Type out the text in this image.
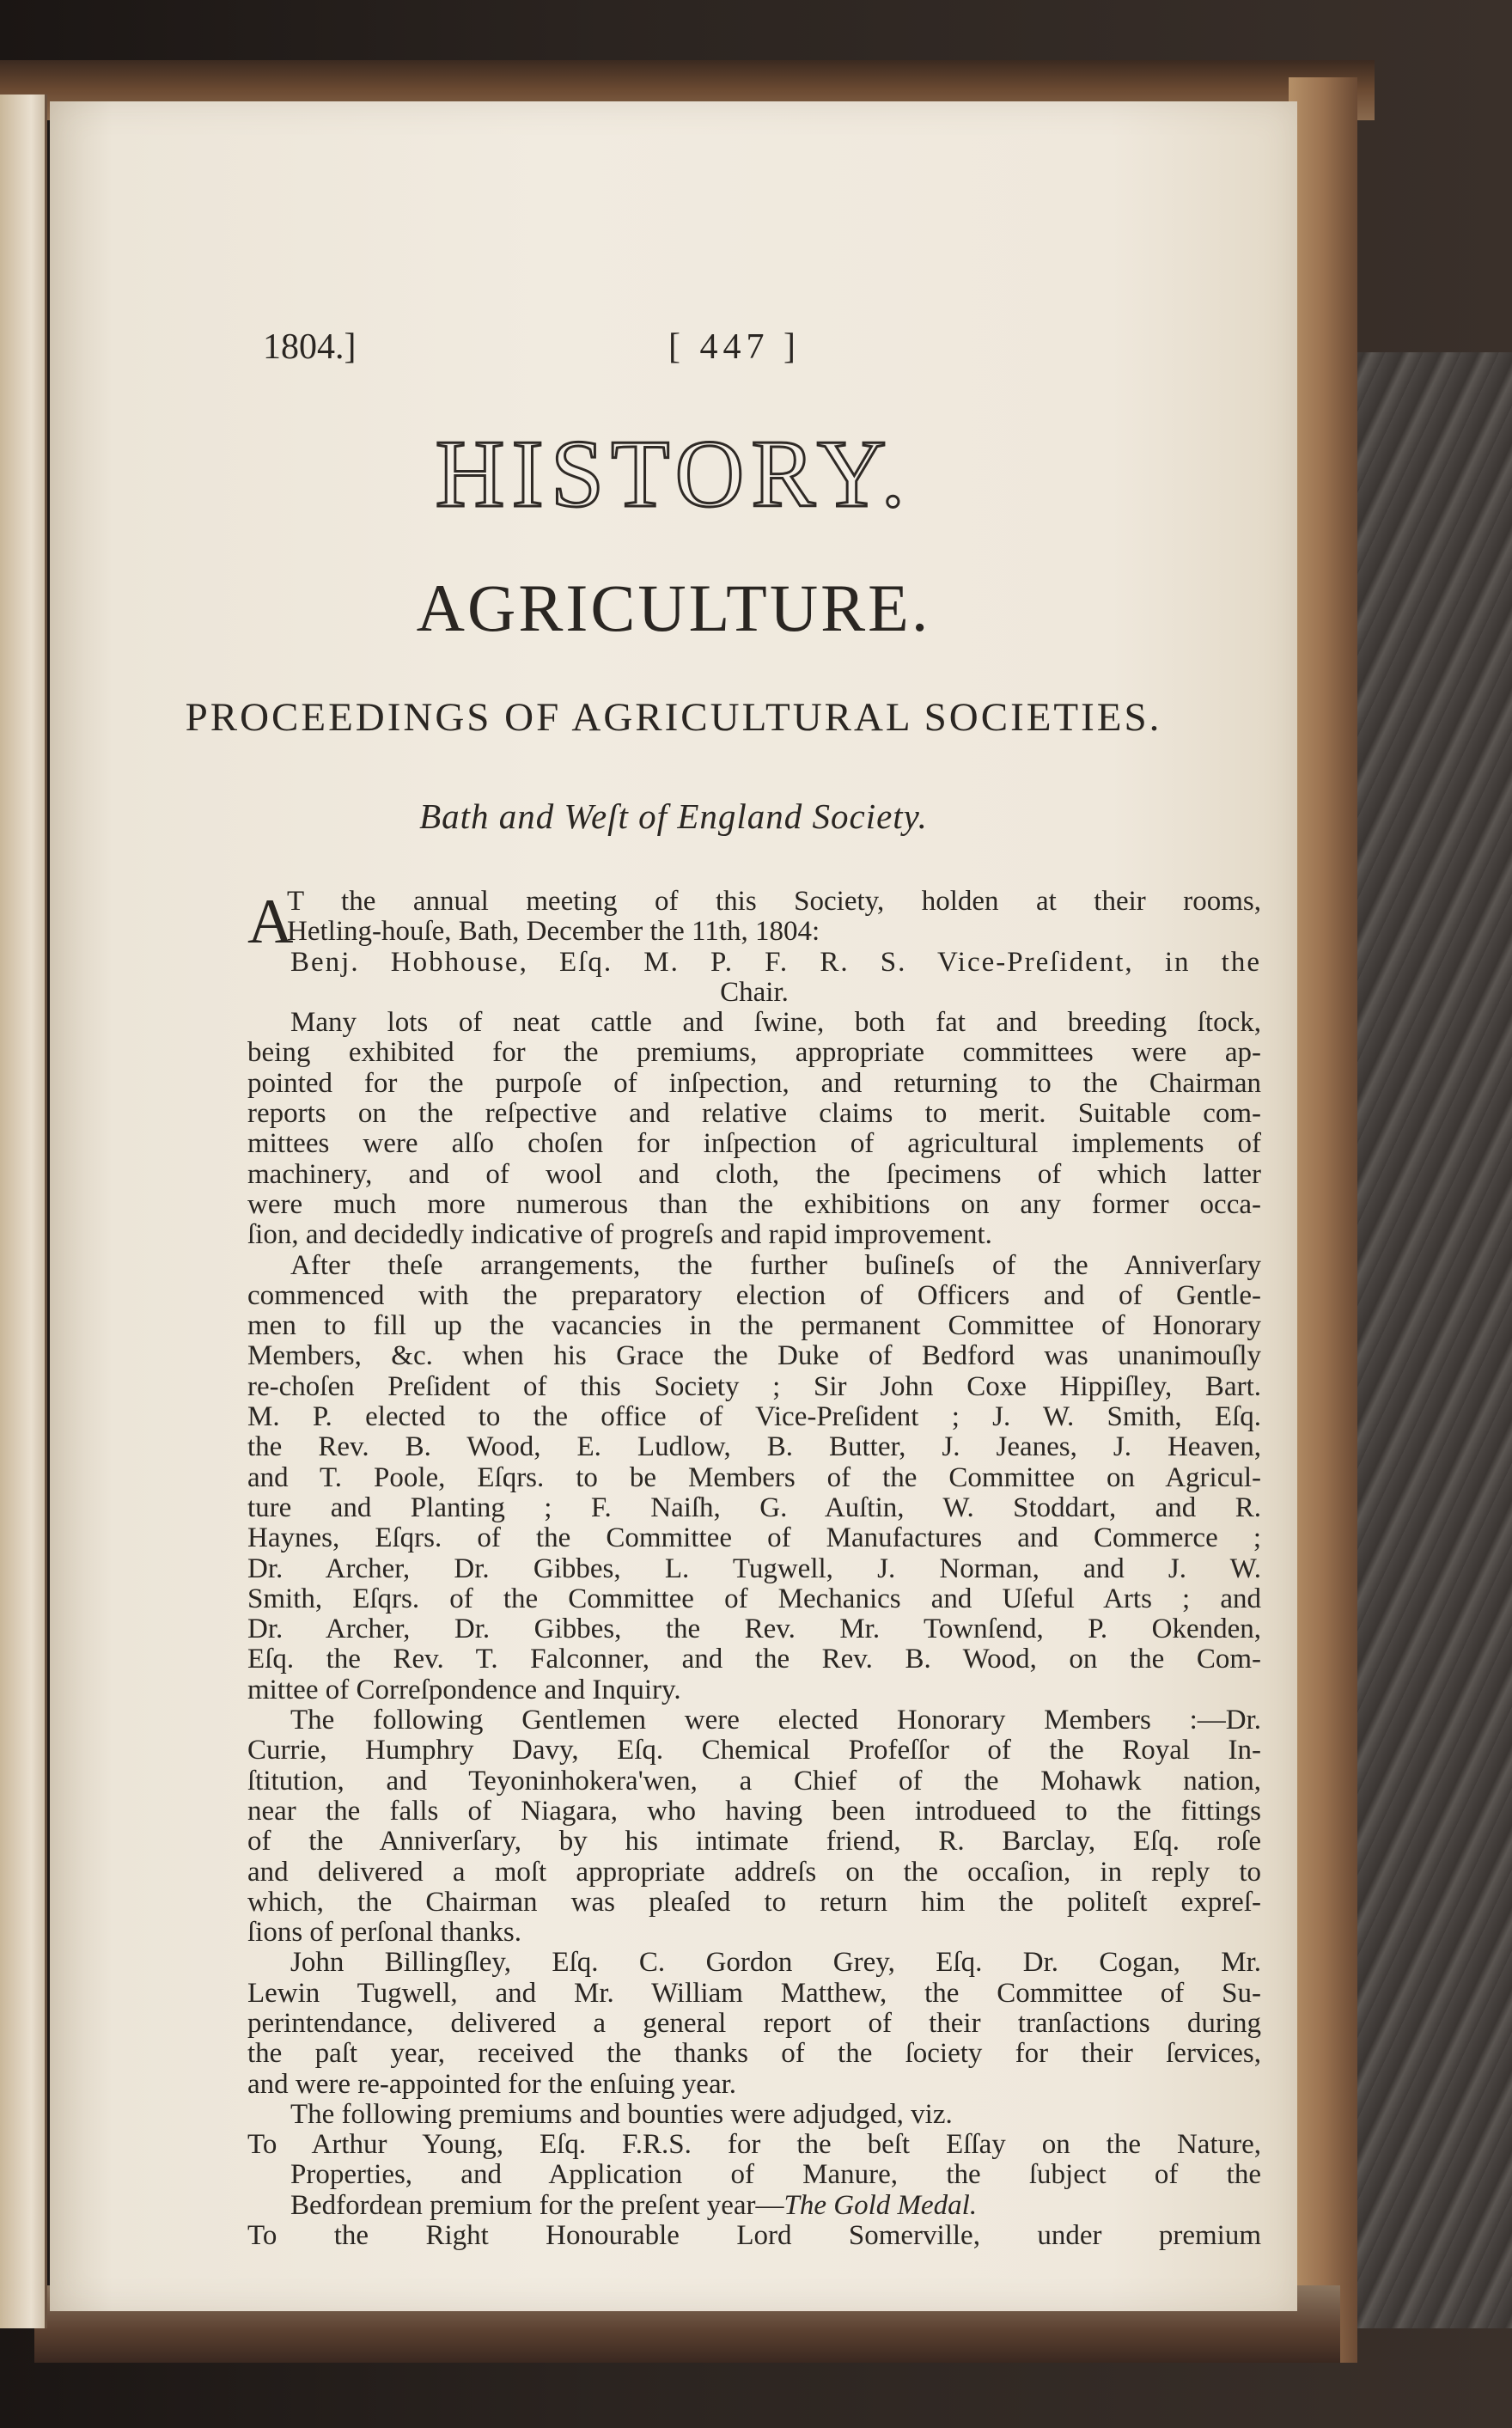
1804.]	[ 447 ]
HISTORY.
AGRICULTURE.
PROCEEDINGS OF AGRICULTURAL SOCIETIES.
Bath and Weſt of England Society.
T the annual meeting of this Society, holden at their rooms,
Hetling-houſe, Bath, December the 11th, 1804:
Benj. Hobhouse, Eſq. M. P. F. R. S. Vice-Preſident, in the
Chair.
Many lots of neat cattle and ſwine, both fat and breeding ſtock,
being exhibited for the premiums, appropriate committees were ap-
pointed for the purpoſe of inſpection, and returning to the Chairman
reports on the reſpective and relative claims to merit. Suitable com-
mittees were alſo choſen for inſpection of agricultural implements of
machinery, and of wool and cloth, the ſpecimens of which latter
were much more numerous than the exhibitions on any former occa-
ſion, and decidedly indicative of progreſs and rapid improvement.
After theſe arrangements, the further buſineſs of the Anniverſary
commenced with the preparatory election of Officers and of Gentle-
men to fill up the vacancies in the permanent Committee of Honorary
Members, &c. when his Grace the Duke of Bedford was unanimouſly
re-choſen Preſident of this Society ; Sir John Coxe Hippiſley, Bart.
M. P. elected to the office of Vice-Preſident ; J. W. Smith, Eſq.
the Rev. B. Wood, E. Ludlow, B. Butter, J. Jeanes, J. Heaven,
and T. Poole, Eſqrs. to be Members of the Committee on Agricul-
ture and Planting ; F. Naiſh, G. Auſtin, W. Stoddart, and R.
Haynes, Eſqrs. of the Committee of Manufactures and Commerce ;
Dr. Archer, Dr. Gibbes, L. Tugwell, J. Norman, and J. W.
Smith, Eſqrs. of the Committee of Mechanics and Uſeful Arts ; and
Dr. Archer, Dr. Gibbes, the Rev. Mr. Townſend, P. Okenden,
Eſq. the Rev. T. Falconner, and the Rev. B. Wood, on the Com-
mittee of Correſpondence and Inquiry.
The following Gentlemen were elected Honorary Members :—Dr.
Currie, Humphry Davy, Eſq. Chemical Profeſſor of the Royal In-
ſtitution, and Teyoninhokera'wen, a Chief of the Mohawk nation,
near the falls of Niagara, who having been introdueed to the fittings
of the Anniverſary, by his intimate friend, R. Barclay, Eſq. roſe
and delivered a moſt appropriate addreſs on the occaſion, in reply to
which, the Chairman was pleaſed to return him the politeſt expreſ-
ſions of perſonal thanks.
John Billingſley, Eſq. C. Gordon Grey, Eſq. Dr. Cogan, Mr.
Lewin Tugwell, and Mr. William Matthew, the Committee of Su-
perintendance, delivered a general report of their tranſactions during
the paſt year, received the thanks of the ſociety for their ſervices,
and were re-appointed for the enſuing year.
The following premiums and bounties were adjudged, viz.
To Arthur Young, Eſq. F.R.S. for the beſt Eſſay on the Nature,
Properties, and Application of Manure, the ſubject of the
Bedfordean premium for the preſent year—The Gold Medal.
To the Right Honourable Lord Somerville, under premium
A
